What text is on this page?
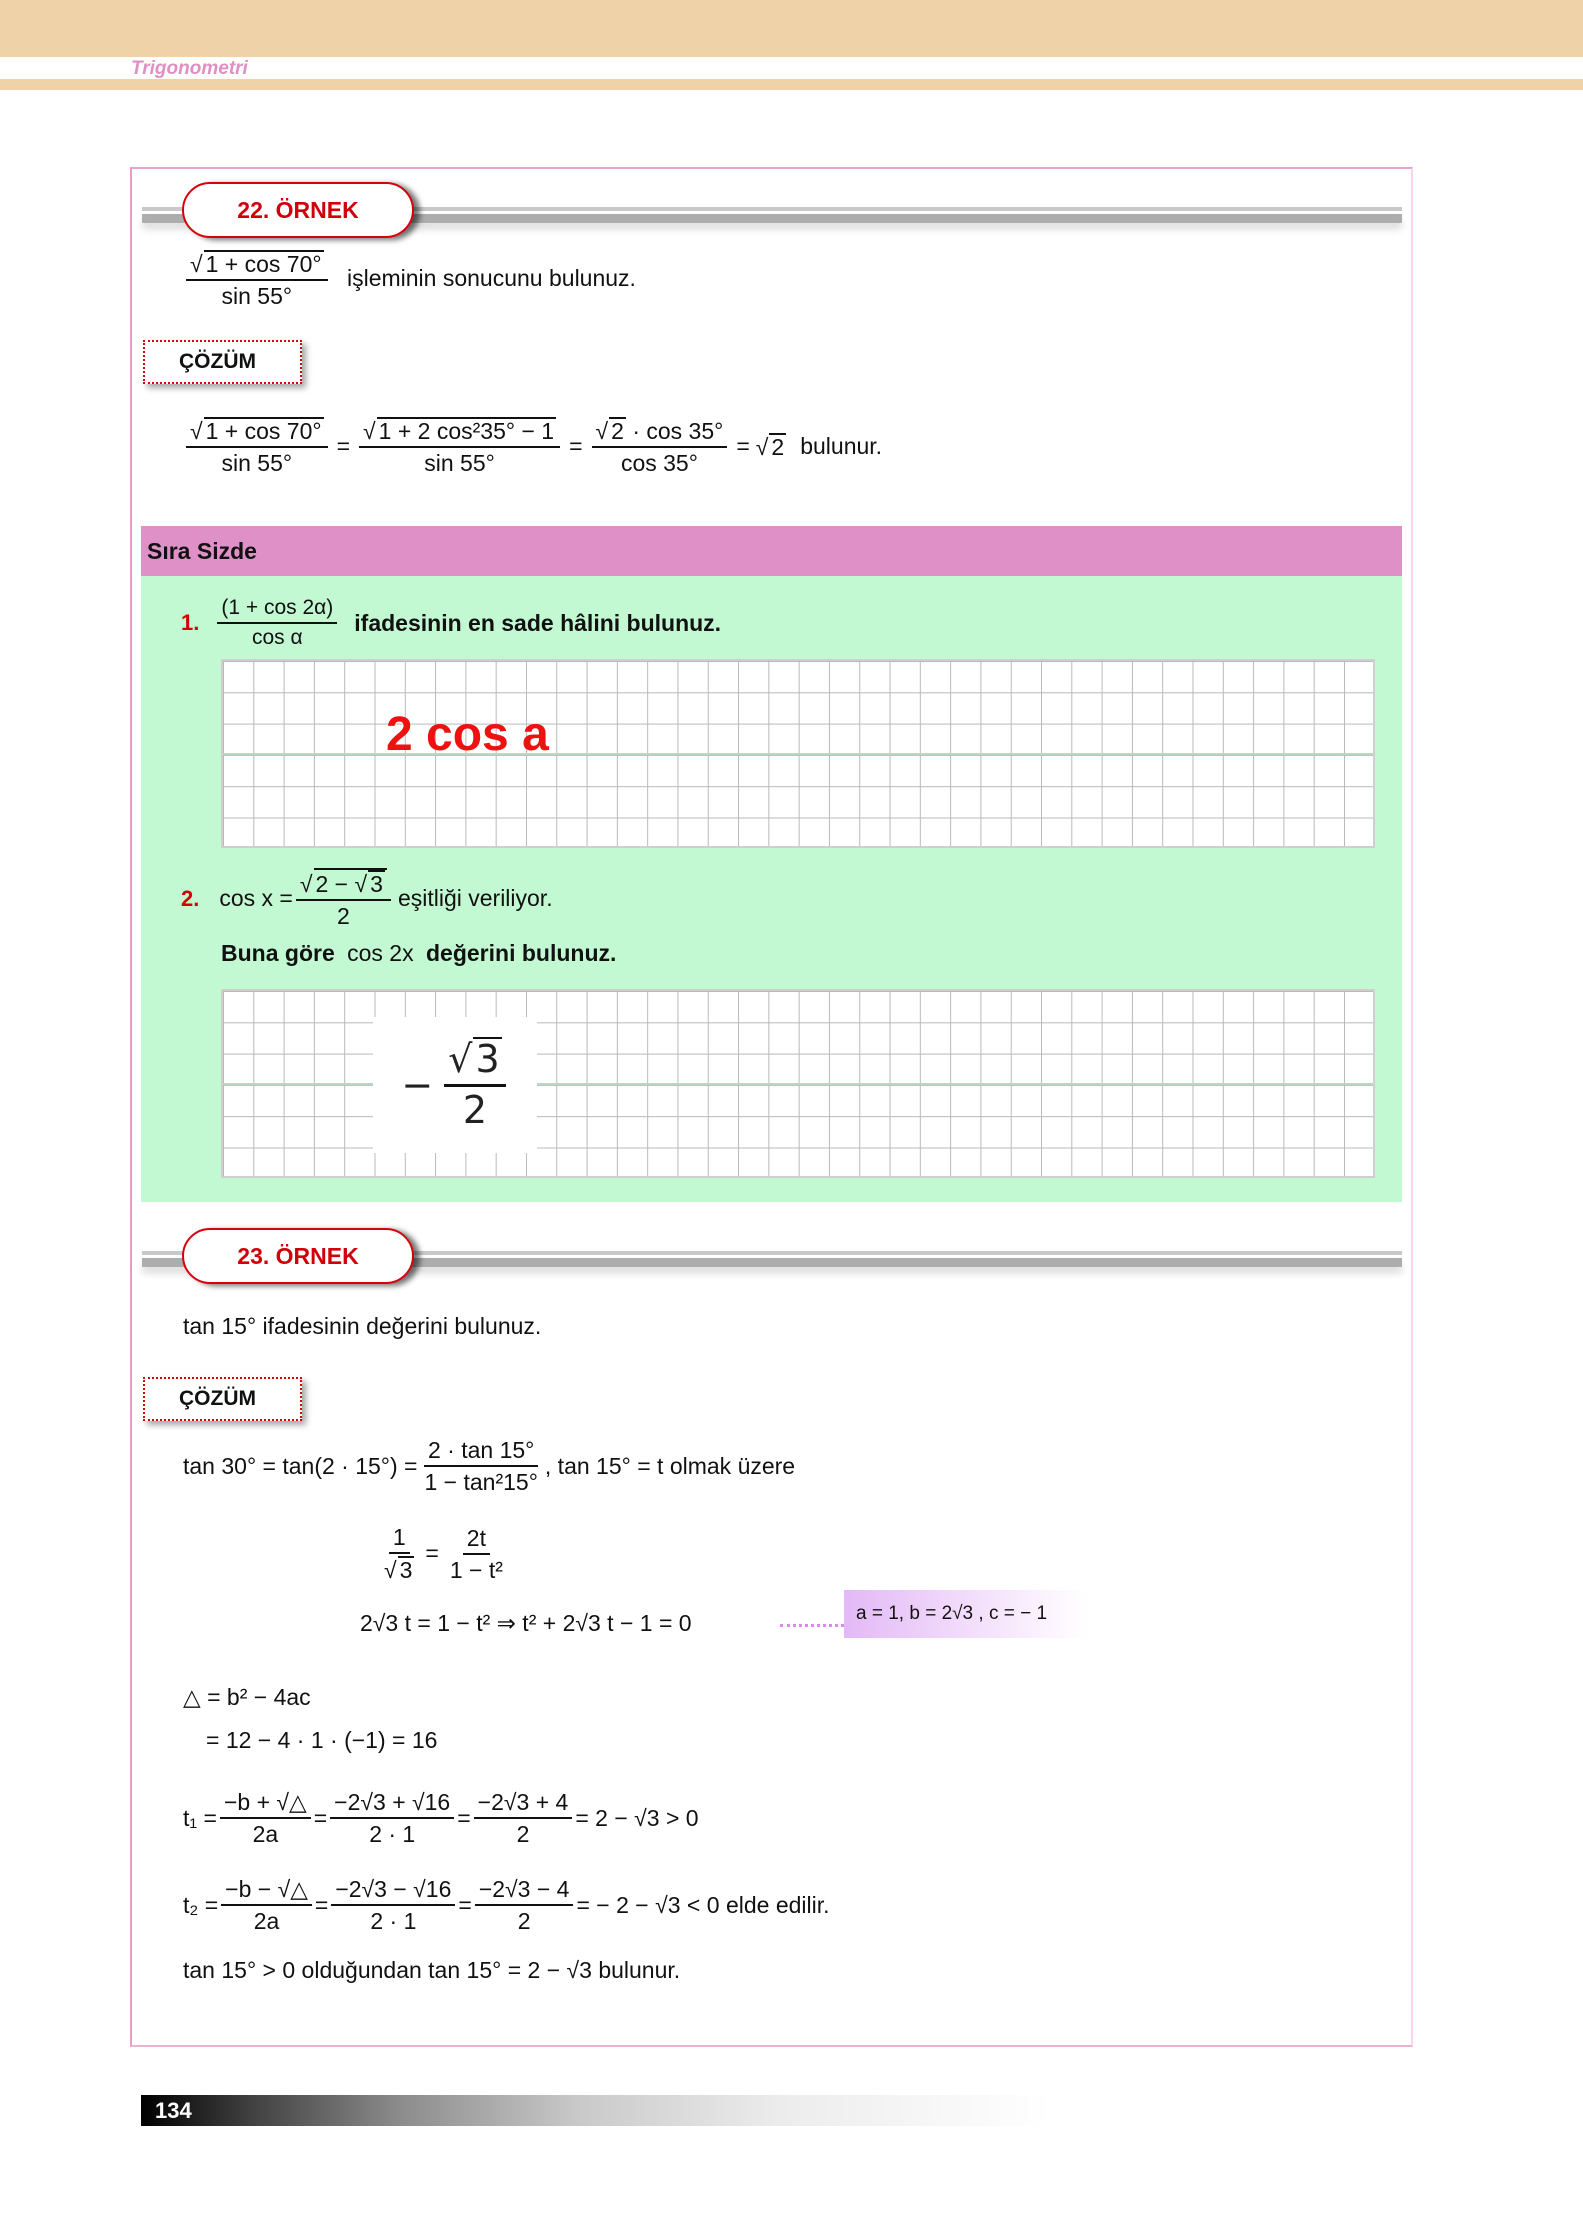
Trigonometri
22. ÖRNEK
$\frac{√ 1 + \cos 70^\circ}{\sin 55^\circ}$ işleminin sonucunu bulunuz.
ÇÖZÜM
$\frac{√ 1 + \cos 70^\circ}{\sin 55^\circ} = \frac{\text{√ 1 + 2 cos²35° − 1}}{\sin 55^\circ} = \frac{√ 2 \cdot \cos 35^\circ}{\cos 35^\circ}$ = √ 2 bulunur.
Sıra Sizde
1. $\frac{(1 + \cos 2\alpha)}{\text{cos α}}$ ifadesinin en sade hâlini bulunuz.
2 cos a
2. $\cos x = \frac{√ 2 - √ 3}{2}$ eşitliği veriliyor.
Buna göre cos 2x değerini bulunuz.
− $\frac{√3}{2}$
23. ÖRNEK
tan 15° ifadesinin değerini bulunuz.
ÇÖZÜM
$\tan 30^\circ = \tan(2 \cdot 15^\circ) = \frac{2 \cdot \tan 15^\circ}{\text{1 − tan²15°}}$ , tan 15° = t olmak üzere
$\frac{1}{√ 3} = \frac{2t}{\text{1 − t²}}$
2√3 t = 1 − t² ⇒ t² + 2√3 t − 1 = 0	a = 1, b = 2√3 , c = − 1
△ = b² − 4ac
= 12 − 4 · 1 · (−1) = 16
$t_1 = \frac{-b + √\triangle}{2a} = \frac{-2√3 + √16}{2 \cdot 1} = \frac{-2√3 + 4}{2} = 2 - √3 > 0$
$t_2 = \frac{-b - √\triangle}{2a} = \frac{-2√3 - √16}{2 \cdot 1} = \frac{-2√3 - 4}{2}$ = − 2 − √3 < 0 elde edilir.
tan 15° > 0 olduğundan tan 15° = 2 − √3 bulunur.
134
